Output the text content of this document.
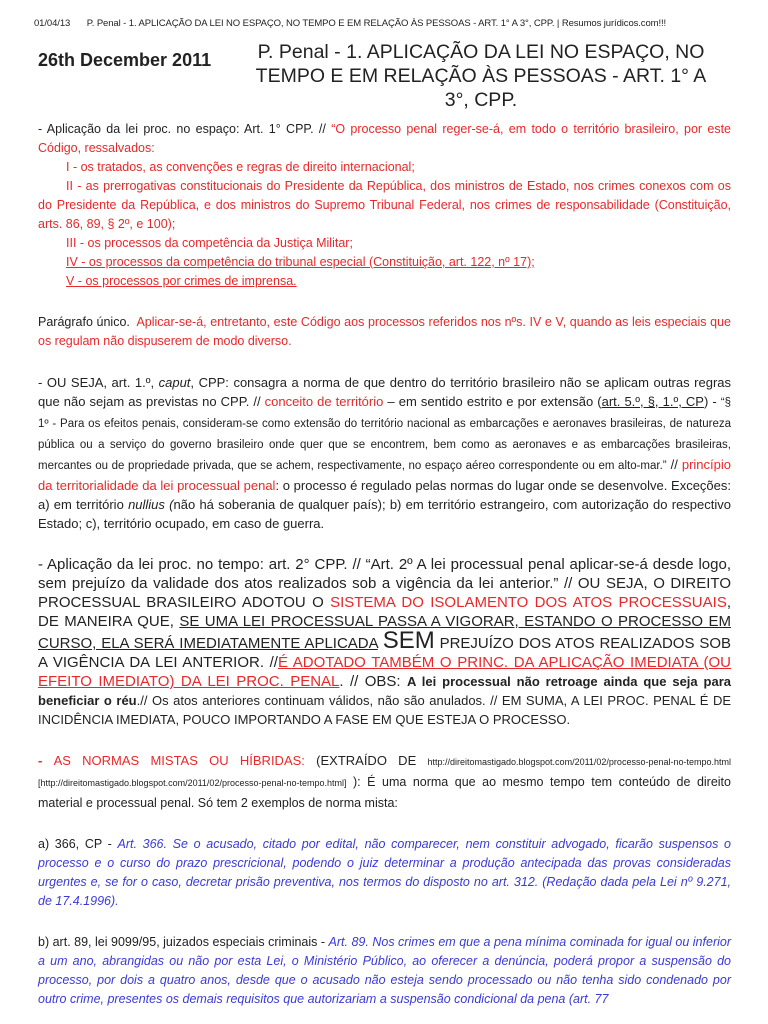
01/04/13 P. Penal - 1. APLICAÇÃO DA LEI NO ESPAÇO, NO TEMPO E EM RELAÇÃO ÀS PESSOAS - ART. 1° A 3°, CPP. | Resumos jurídicos.com!!!
26th December 2011	P. Penal - 1. APLICAÇÃO DA LEI NO ESPAÇO, NO
TEMPO E EM RELAÇÃO ÀS PESSOAS - ART. 1° A
3°, CPP.
- Aplicação da lei proc. no espaço: Art. 1° CPP. // “O processo penal reger-se-á, em todo o território brasileiro, por este Código, ressalvados:
I - os tratados, as convenções e regras de direito internacional;
II - as prerrogativas constitucionais do Presidente da República, dos ministros de Estado, nos crimes conexos com os do Presidente da República, e dos ministros do Supremo Tribunal Federal, nos crimes de responsabilidade (Constituição, arts. 86, 89, § 2º, e 100);
III - os processos da competência da Justiça Militar;
IV - os processos da competência do tribunal especial (Constituição, art. 122, nº 17);
V - os processos por crimes de imprensa.
Parágrafo único. Aplicar-se-á, entretanto, este Código aos processos referidos nos nºs. IV e V, quando as leis especiais que os regulam não dispuserem de modo diverso.
- OU SEJA, art. 1.º, caput, CPP: consagra a norma de que dentro do território brasileiro não se aplicam outras regras que não sejam as previstas no CPP. // conceito de território – em sentido estrito e por extensão (art. 5.º, §, 1.º, CP) - “§ 1º - Para os efeitos penais, consideram-se como extensão do território nacional as embarcações e aeronaves brasileiras, de natureza pública ou a serviço do governo brasileiro onde quer que se encontrem, bem como as aeronaves e as embarcações brasileiras, mercantes ou de propriedade privada, que se achem, respectivamente, no espaço aéreo correspondente ou em alto-mar.” // princípio da territorialidade da lei processual penal: o processo é regulado pelas normas do lugar onde se desenvolve. Exceções: a) em território nullius (não há soberania de qualquer país); b) em território estrangeiro, com autorização do respectivo Estado; c), território ocupado, em caso de guerra.
- Aplicação da lei proc. no tempo: art. 2° CPP. // “Art. 2º A lei processual penal aplicar-se-á desde logo, sem prejuízo da validade dos atos realizados sob a vigência da lei anterior.” // OU SEJA, O DIREITO PROCESSUAL BRASILEIRO ADOTOU O SISTEMA DO ISOLAMENTO DOS ATOS PROCESSUAIS, DE MANEIRA QUE, SE UMA LEI PROCESSUAL PASSA A VIGORAR, ESTANDO O PROCESSO EM CURSO, ELA SERÁ IMEDIATAMENTE APLICADA SEM PREJUÍZO DOS ATOS REALIZADOS SOB A VIGÊNCIA DA LEI ANTERIOR. //É ADOTADO TAMBÉM O PRINC. DA APLICAÇÃO IMEDIATA (OU EFEITO IMEDIATO) DA LEI PROC. PENAL. // OBS: A lei processual não retroage ainda que seja para beneficiar o réu.// Os atos anteriores continuam válidos, não são anulados. // EM SUMA, A LEI PROC. PENAL É DE INCIDÊNCIA IMEDIATA, POUCO IMPORTANDO A FASE EM QUE ESTEJA O PROCESSO.
- AS NORMAS MISTAS OU HÍBRIDAS: (EXTRAÍDO DE http://direitomastigado.blogspot.com/2011/02/processo-penal-no-tempo.html [http://direitomastigado.blogspot.com/2011/02/processo-penal-no-tempo.html] ): É uma norma que ao mesmo tempo tem conteúdo de direito material e processual penal. Só tem 2 exemplos de norma mista:
a) 366, CP - Art. 366. Se o acusado, citado por edital, não comparecer, nem constituir advogado, ficarão suspensos o processo e o curso do prazo prescricional, podendo o juiz determinar a produção antecipada das provas consideradas urgentes e, se for o caso, decretar prisão preventiva, nos termos do disposto no art. 312. (Redação dada pela Lei nº 9.271, de 17.4.1996).
b) art. 89, lei 9099/95, juizados especiais criminais - Art. 89. Nos crimes em que a pena mínima cominada for igual ou inferior a um ano, abrangidas ou não por esta Lei, o Ministério Público, ao oferecer a denúncia, poderá propor a suspensão do processo, por dois a quatro anos, desde que o acusado não esteja sendo processado ou não tenha sido condenado por outro crime, presentes os demais requisitos que autorizariam a suspensão condicional da pena (art. 77
